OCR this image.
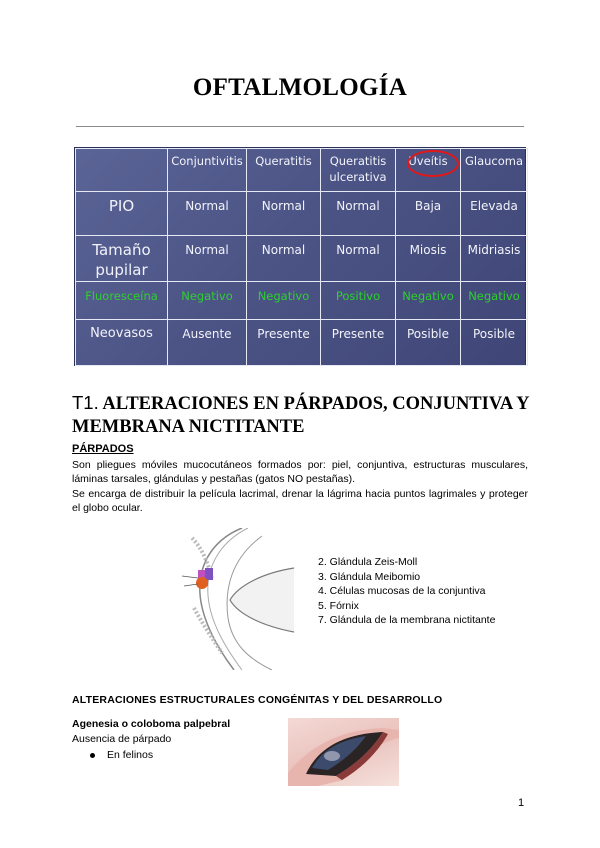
OFTALMOLOGÍA
	Conjuntivitis	Queratitis	Queratitis ulcerativa	Uveítis	Glaucoma
PIO	Normal	Normal	Normal	Baja	Elevada
Tamaño pupilar	Normal	Normal	Normal	Miosis	Midriasis
Fluoresceína	Negativo	Negativo	Positivo	Negativo	Negativo
Neovasos	Ausente	Presente	Presente	Posible	Posible
T1. ALTERACIONES EN PÁRPADOS, CONJUNTIVA Y MEMBRANA NICTITANTE
PÁRPADOS
Son pliegues móviles mucocutáneos formados por: piel, conjuntiva, estructuras musculares, láminas tarsales, glándulas y pestañas (gatos NO pestañas).
Se encarga de distribuir la película lacrimal, drenar la lágrima hacia puntos lagrimales y proteger el globo ocular.
2. Glándula Zeis-Moll
3. Glándula Meibomio
4. Células mucosas de la conjuntiva
5. Fórnix
7. Glándula de la membrana nictitante
ALTERACIONES ESTRUCTURALES CONGÉNITAS Y DEL DESARROLLO
Agenesia o coloboma palpebral
Ausencia de párpado
En felinos
1
